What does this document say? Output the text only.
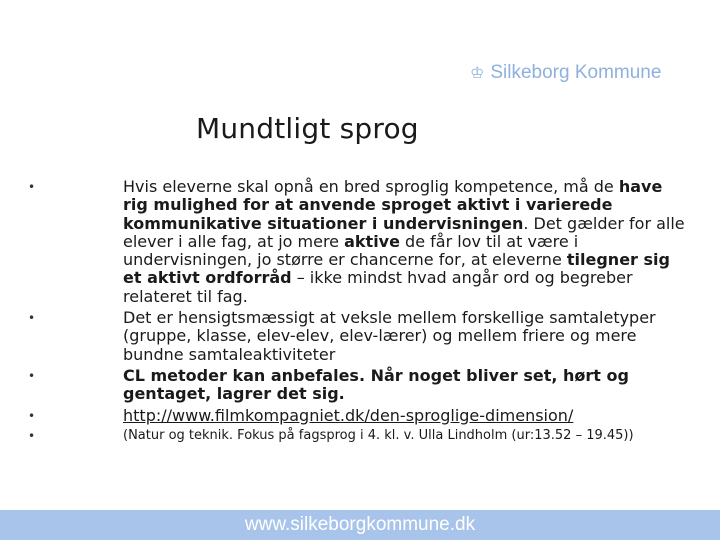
♔ Silkeborg Kommune
Mundtligt sprog
•	Hvis eleverne skal opnå en bred sproglig kompetence, må de have rig mulighed for at anvende sproget aktivt i varierede kommunikative situationer i undervisningen. Det gælder for alle elever i alle fag, at jo mere aktive de får lov til at være i undervisningen, jo større er chancerne for, at eleverne tilegner sig et aktivt ordforråd – ikke mindst hvad angår ord og begreber relateret til fag.
•	Det er hensigtsmæssigt at veksle mellem forskellige samtaletyper (gruppe, klasse, elev-elev, elev-lærer) og mellem friere og mere bundne samtaleaktiviteter
•	CL metoder kan anbefales. Når noget bliver set, hørt og gentaget, lagrer det sig.
•	http://www.filmkompagniet.dk/den-sproglige-dimension/
•	(Natur og teknik. Fokus på fagsprog i 4. kl. v. Ulla Lindholm (ur:13.52 – 19.45))
www.silkeborgkommune.dk
